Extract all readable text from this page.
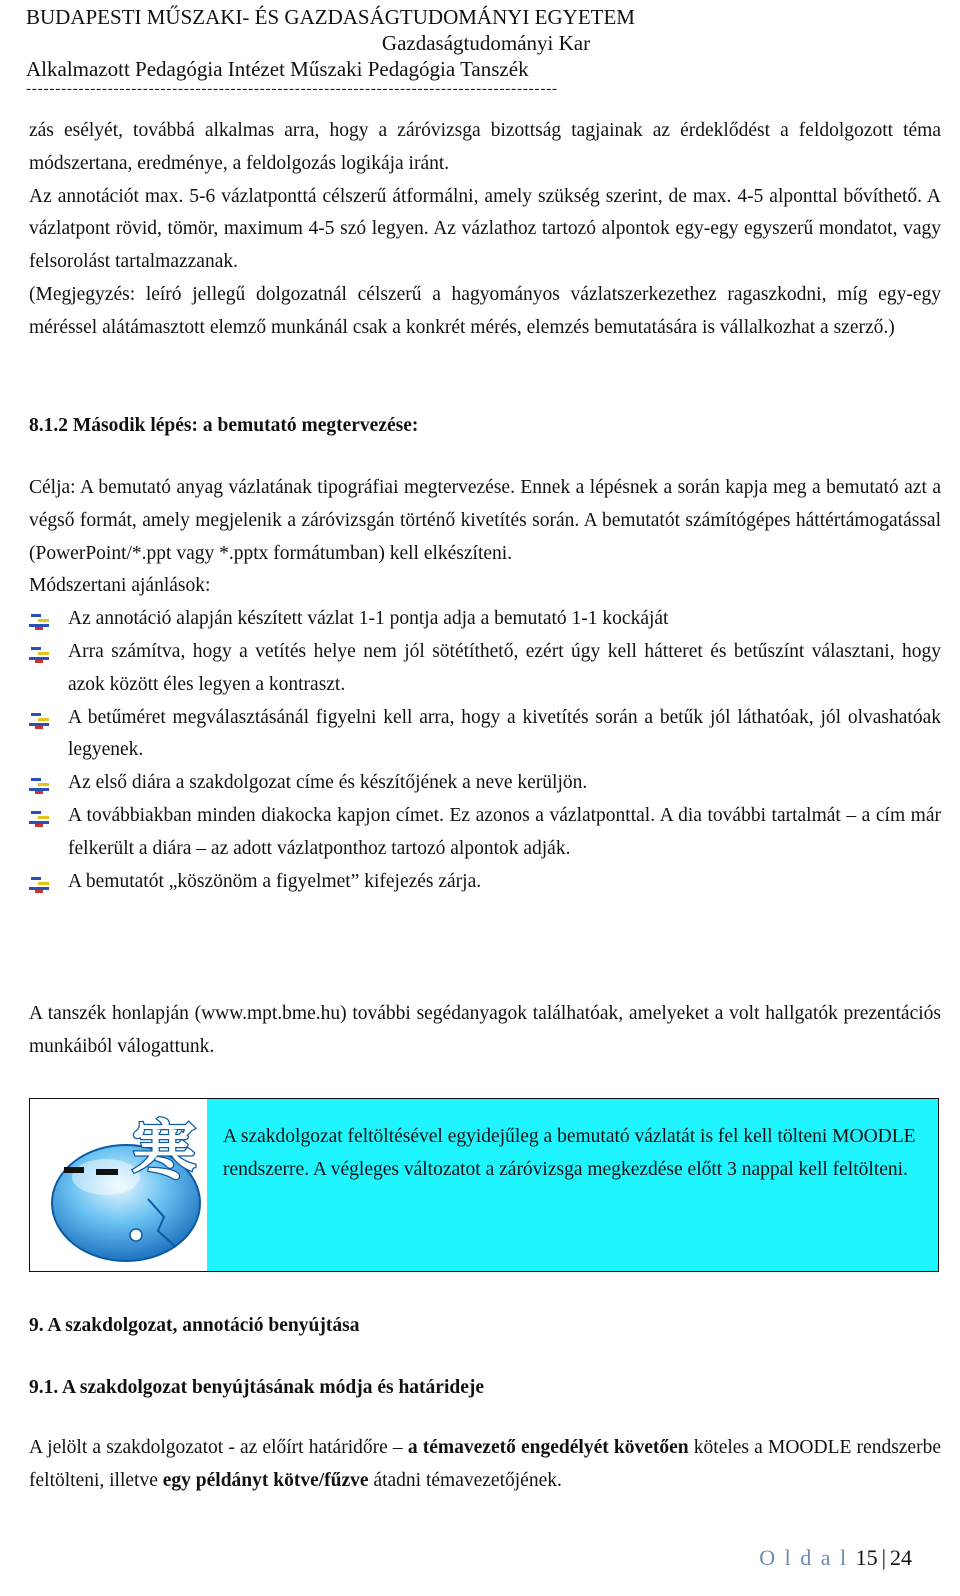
BUDAPESTI MŰSZAKI- ÉS GAZDASÁGTUDOMÁNYI EGYETEM
Gazdaságtudományi Kar
Alkalmazott Pedagógia Intézet Műszaki Pedagógia Tanszék
-------------------------------------------------------------------------------------------

zás esélyét, továbbá alkalmas arra, hogy a záróvizsga bizottság tagjainak az érdeklődést a feldolgozott téma módszertana, eredménye, a feldolgozás logikája iránt.

Az annotációt max. 5-6 vázlatponttá célszerű átformálni, amely szükség szerint, de max. 4-5 alponttal bővíthető. A vázlatpont rövid, tömör, maximum 4-5 szó legyen. Az vázlathoz tartozó alpontok egy-egy egyszerű mondatot, vagy felsorolást tartalmazzanak.

(Megjegyzés: leíró jellegű dolgozatnál célszerű a hagyományos vázlatszerkezethez ragaszkodni, míg egy-egy méréssel alátámasztott elemző munkánál csak a konkrét mérés, elemzés bemutatására is vállalkozhat a szerző.)

8.1.2 Második lépés: a bemutató megtervezése:

Célja: A bemutató anyag vázlatának tipográfiai megtervezése. Ennek a lépésnek a során kapja meg a bemutató azt a végső formát, amely megjelenik a záróvizsgán történő kivetítés során. A bemutatót számítógépes háttértámogatással (PowerPoint/*.ppt vagy *.pptx formátumban) kell elkészíteni.

Módszertani ajánlások:

Az annotáció alapján készített vázlat 1-1 pontja adja a bemutató 1-1 kockáját
Arra számítva, hogy a vetítés helye nem jól sötétíthető, ezért úgy kell hátteret és betűszínt választani, hogy azok között éles legyen a kontraszt.
A betűméret megválasztásánál figyelni kell arra, hogy a kivetítés során a betűk jól láthatóak, jól olvashatóak legyenek.
Az első diára a szakdolgozat címe és készítőjének a neve kerüljön.
A továbbiakban minden diakocka kapjon címet. Ez azonos a vázlatponttal. A dia további tartalmát – a cím már felkerült a diára – az adott vázlatponthoz tartozó alpontok adják.
A bemutatót „köszönöm a figyelmet” kifejezés zárja.

A tanszék honlapján (www.mpt.bme.hu) további segédanyagok találhatóak, amelyeket a volt hallgatók prezentációs munkáiból válogattunk.

寒	A szakdolgozat feltöltésével egyidejűleg a bemutató vázlatát is fel kell tölteni MOODLE rendszerre. A végleges változatot a záróvizsga megkezdése előtt 3 nappal kell feltölteni.

9. A szakdolgozat, annotáció benyújtása

9.1. A szakdolgozat benyújtásának módja és határideje

A jelölt a szakdolgozatot - az előírt határidőre – a témavezető engedélyét követően köteles a MOODLE rendszerbe feltölteni, illetve egy példányt kötve/fűzve átadni témavezetőjének.

O l d a l 15 | 24
